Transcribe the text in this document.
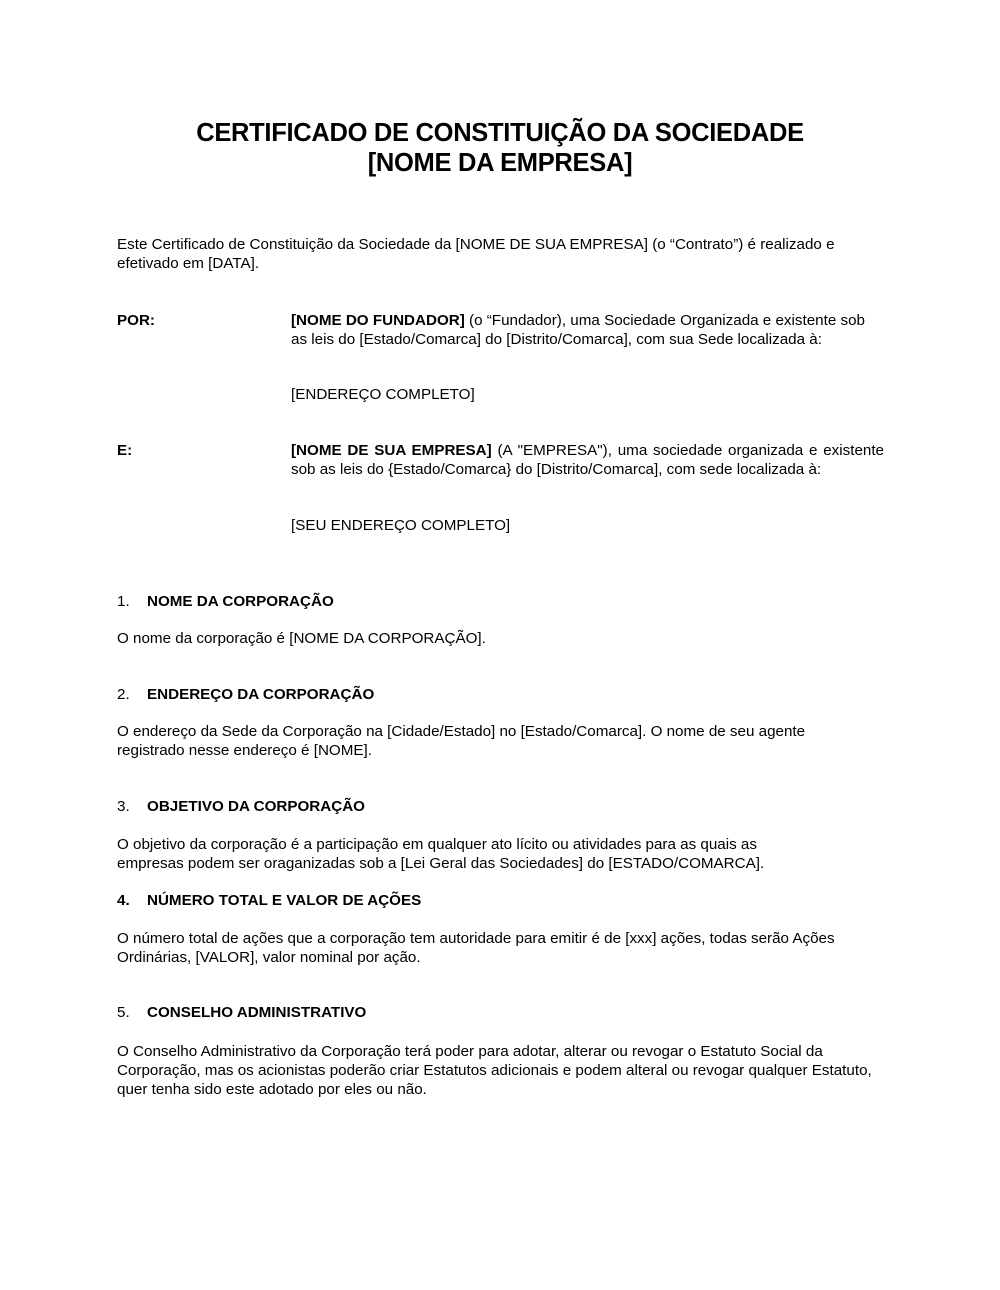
CERTIFICADO DE CONSTITUIÇÃO DA SOCIEDADE
[NOME DA EMPRESA]
Este Certificado de Constituição da Sociedade da [NOME DE SUA EMPRESA] (o “Contrato”) é realizado e efetivado em [DATA].
POR:	[NOME DO FUNDADOR] (o “Fundador), uma Sociedade Organizada e existente sob as leis do [Estado/Comarca] do [Distrito/Comarca], com sua Sede localizada à:
[ENDEREÇO COMPLETO]
E:	[NOME DE SUA EMPRESA] (A "EMPRESA"), uma sociedade organizada e existente sob as leis do {Estado/Comarca} do [Distrito/Comarca], com sede localizada à:
[SEU ENDEREÇO COMPLETO]
1. NOME DA CORPORAÇÃO
O nome da corporação é [NOME DA CORPORAÇÃO].
2. ENDEREÇO DA CORPORAÇÃO
O endereço da Sede da Corporação na [Cidade/Estado] no [Estado/Comarca]. O nome de seu agente registrado nesse endereço é [NOME].
3. OBJETIVO DA CORPORAÇÃO
O objetivo da corporação é a participação em qualquer ato lícito ou atividades para as quais as empresas podem ser oraganizadas sob a [Lei Geral das Sociedades] do [ESTADO/COMARCA].
4. NÚMERO TOTAL E VALOR DE AÇÕES
O número total de ações que a corporação tem autoridade para emitir é de [xxx] ações, todas serão Ações Ordinárias, [VALOR], valor nominal por ação.
5. CONSELHO ADMINISTRATIVO
O Conselho Administrativo da Corporação terá poder para adotar, alterar ou revogar o Estatuto Social da Corporação, mas os acionistas poderão criar Estatutos adicionais e podem alteral ou revogar qualquer Estatuto, quer tenha sido este adotado por eles ou não.
